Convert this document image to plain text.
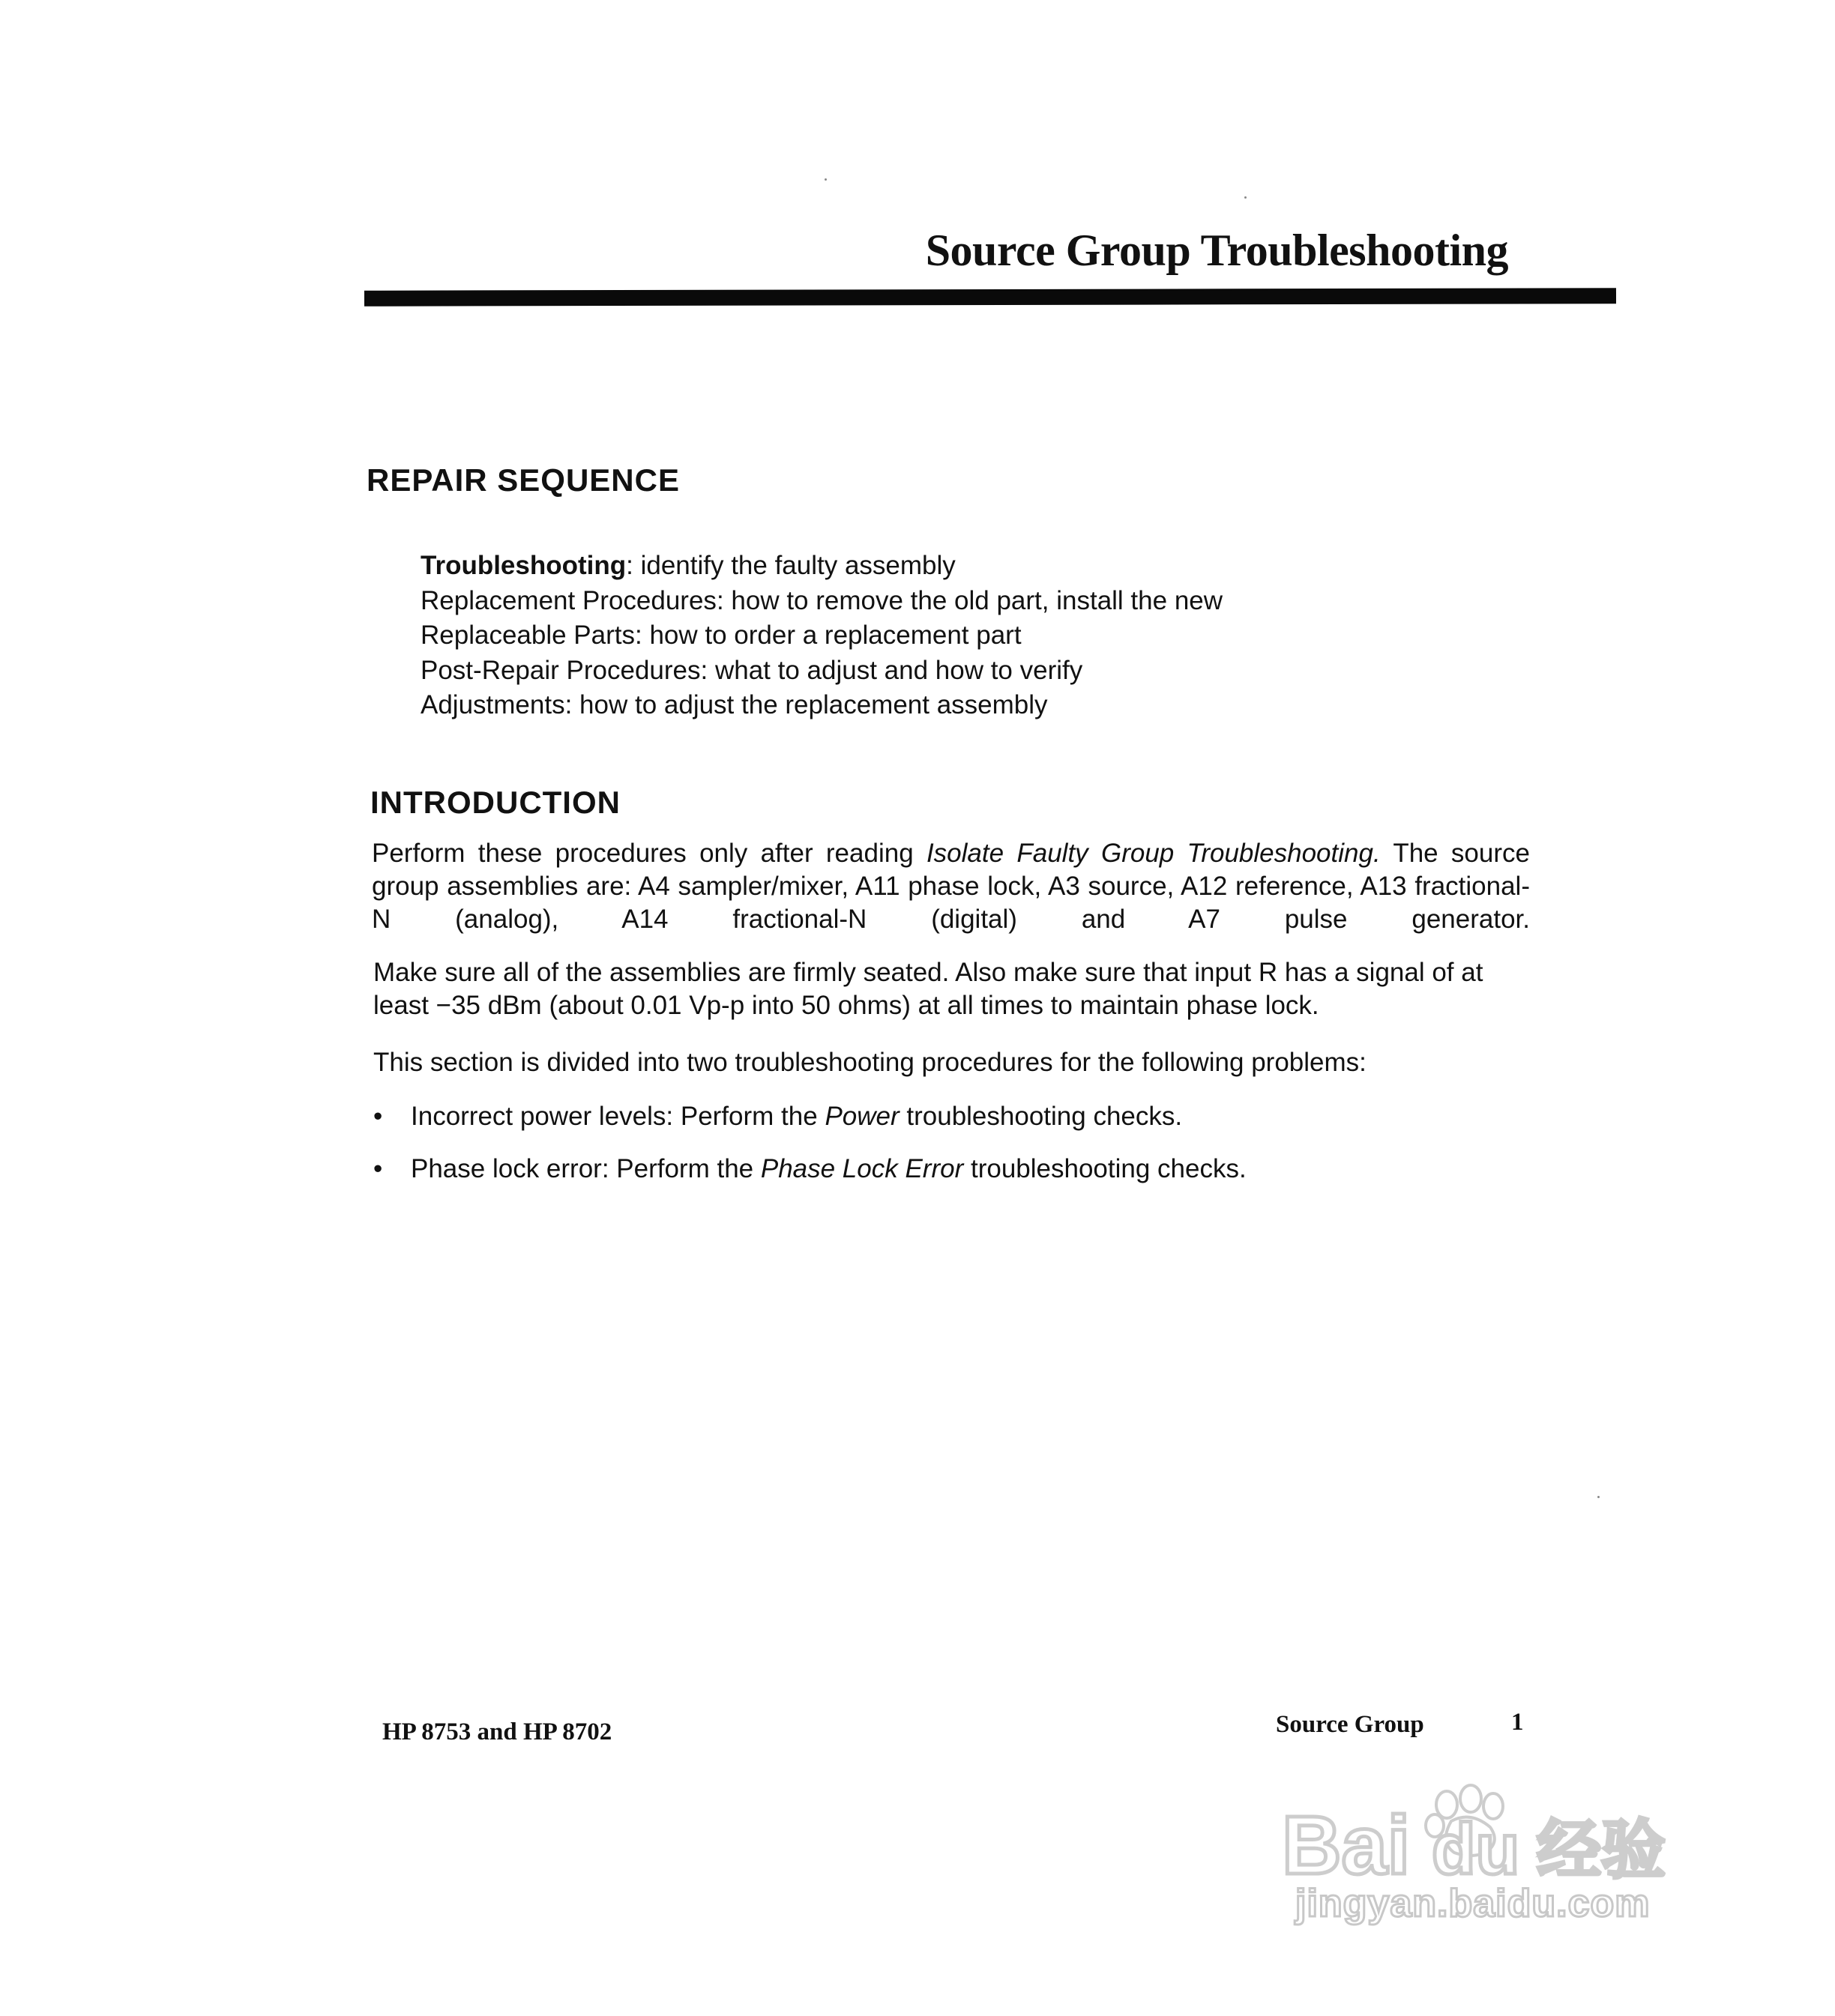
Source Group Troubleshooting
REPAIR SEQUENCE
Troubleshooting: identify the faulty assembly
Replacement Procedures: how to remove the old part, install the new
Replaceable Parts: how to order a replacement part
Post-Repair Procedures: what to adjust and how to verify
Adjustments: how to adjust the replacement assembly
INTRODUCTION
Perform these procedures only after reading Isolate Faulty Group Troubleshooting. The source group assemblies are: A4 sampler/mixer, A11 phase lock, A3 source, A12 reference, A13 fractional-N (analog), A14 fractional-N (digital) and A7 pulse generator.
Make sure all of the assemblies are firmly seated. Also make sure that input R has a signal of at least −35 dBm (about 0.01 Vp-p into 50 ohms) at all times to maintain phase lock.
This section is divided into two troubleshooting procedures for the following problems:
• Incorrect power levels: Perform the Power troubleshooting checks.
• Phase lock error: Perform the Phase Lock Error troubleshooting checks.
HP 8753 and HP 8702	Source Group	1
Bai du 经验
jingyan.baidu.com
